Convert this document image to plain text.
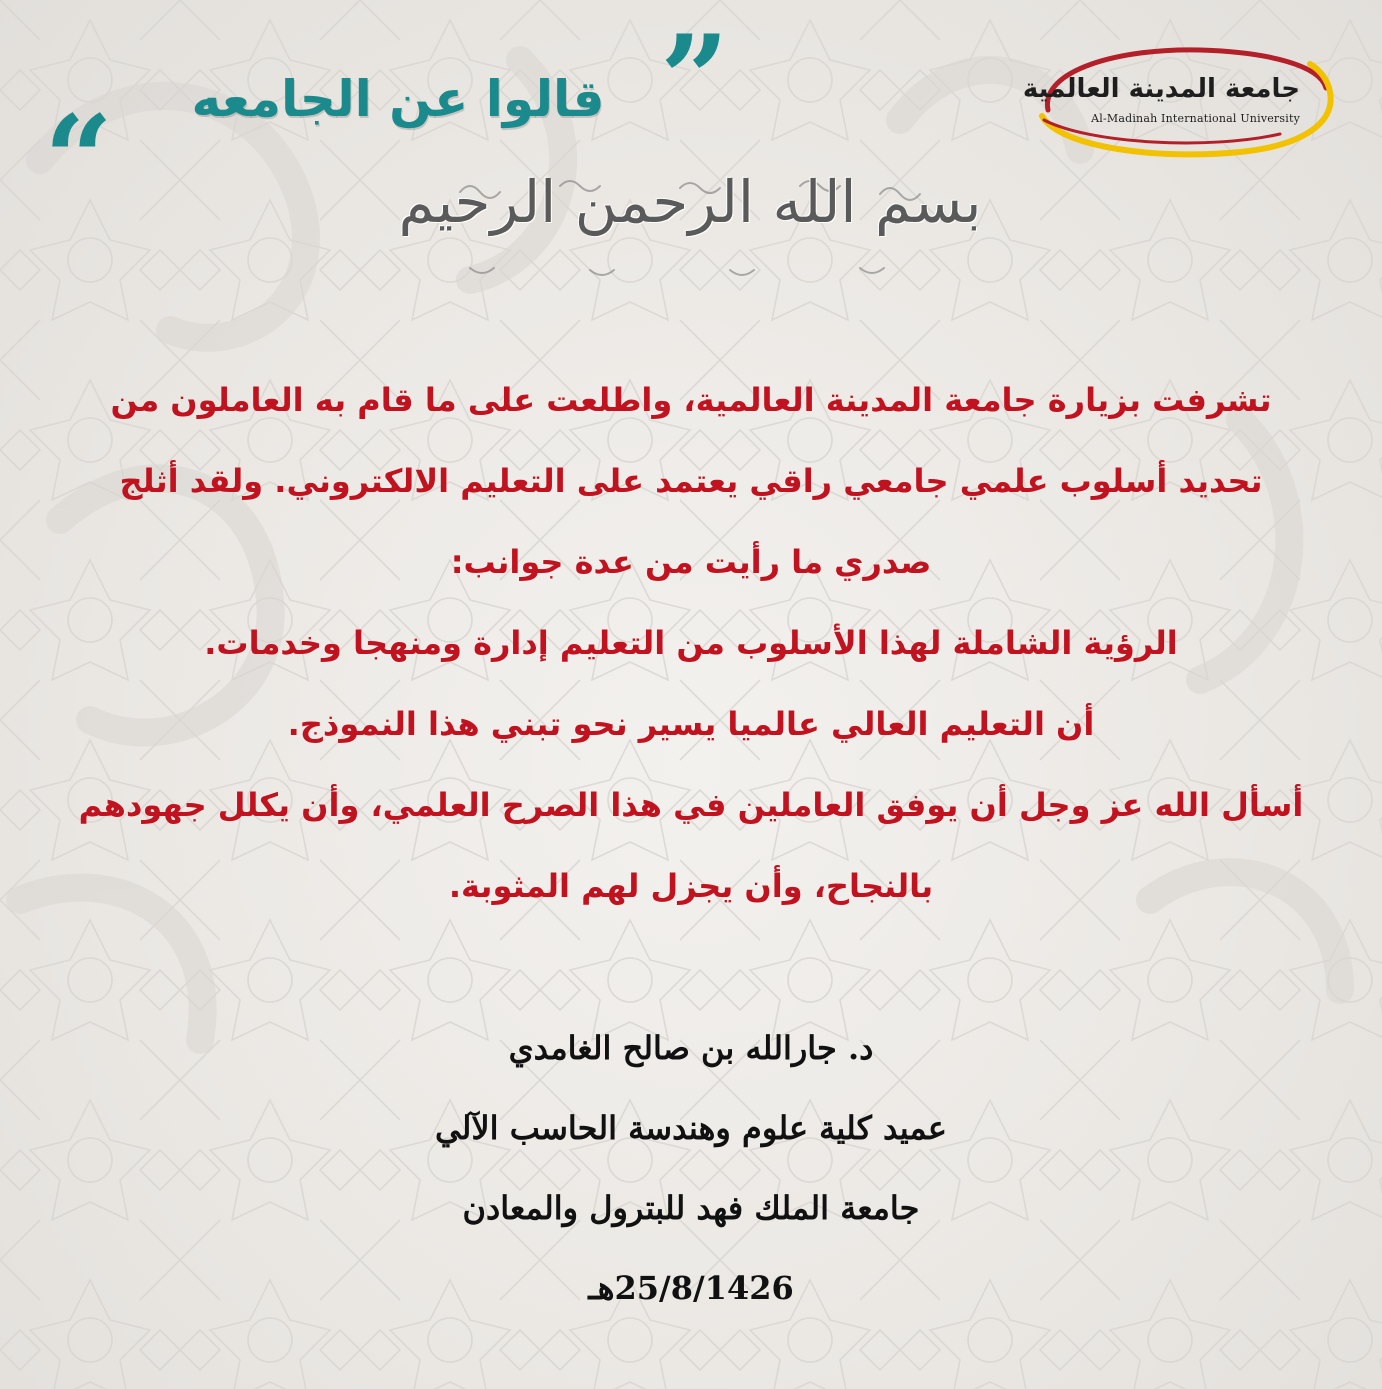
جامعة المدينة العالمية
Al-Madinah International University
”
قالوا عن الجامعه
“	بسم الله الرحمن الرحيم
تشرفت بزيارة جامعة المدينة العالمية، واطلعت على ما قام به العاملون من
تحديد أسلوب علمي جامعي راقي يعتمد على التعليم الالكتروني. ولقد أثلج
صدري ما رأيت من عدة جوانب:
الرؤية الشاملة لهذا الأسلوب من التعليم إدارة ومنهجا وخدمات.
أن التعليم العالي عالميا يسير نحو تبني هذا النموذج.
أسأل الله عز وجل أن يوفق العاملين في هذا الصرح العلمي، وأن يكلل جهودهم
بالنجاح، وأن يجزل لهم المثوبة.
د. جارالله بن صالح الغامدي
عميد كلية علوم وهندسة الحاسب الآلي
جامعة الملك فهد للبترول والمعادن
25/8/1426هـ
